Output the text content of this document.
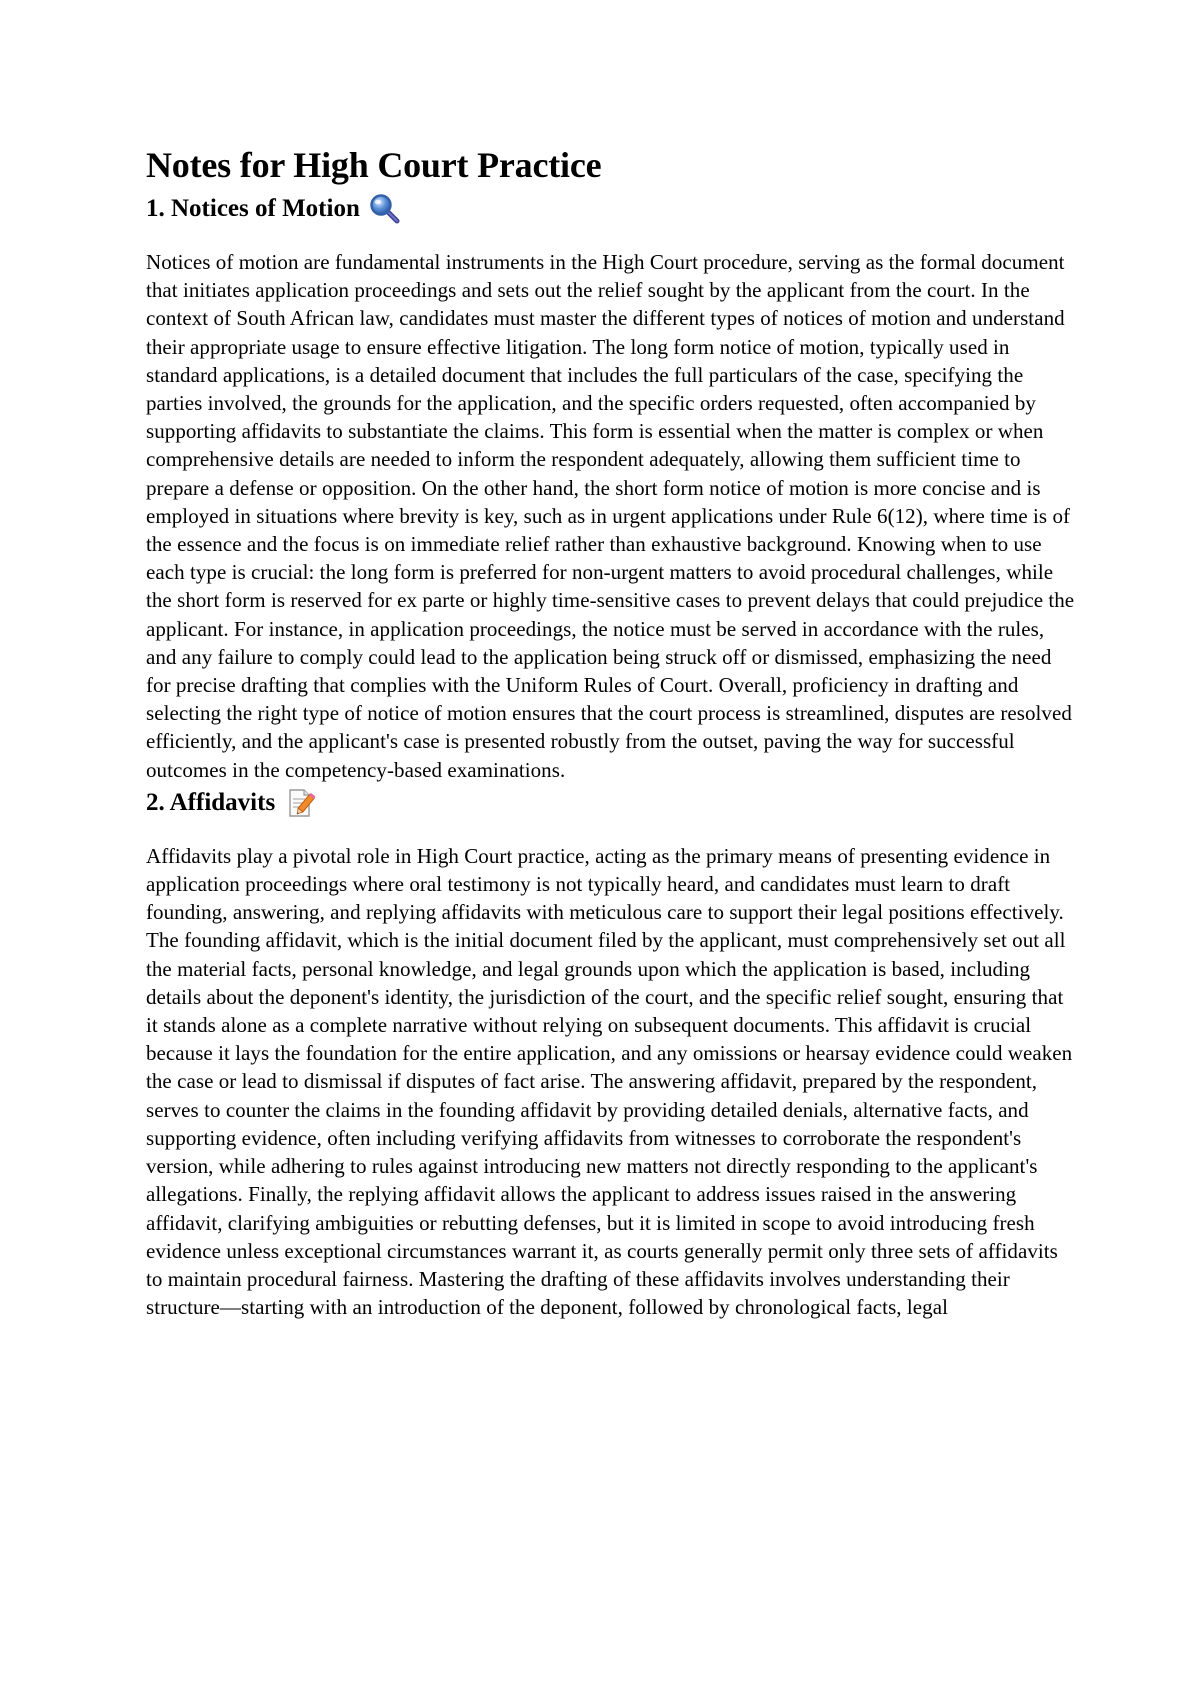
Notes for High Court Practice
1. Notices of Motion

Notices of motion are fundamental instruments in the High Court procedure, serving as the formal document that initiates application proceedings and sets out the relief sought by the applicant from the court. In the context of South African law, candidates must master the different types of notices of motion and understand their appropriate usage to ensure effective litigation. The long form notice of motion, typically used in standard applications, is a detailed document that includes the full particulars of the case, specifying the parties involved, the grounds for the application, and the specific orders requested, often accompanied by supporting affidavits to substantiate the claims. This form is essential when the matter is complex or when comprehensive details are needed to inform the respondent adequately, allowing them sufficient time to prepare a defense or opposition. On the other hand, the short form notice of motion is more concise and is employed in situations where brevity is key, such as in urgent applications under Rule 6(12), where time is of the essence and the focus is on immediate relief rather than exhaustive background. Knowing when to use each type is crucial: the long form is preferred for non-urgent matters to avoid procedural challenges, while the short form is reserved for ex parte or highly time-sensitive cases to prevent delays that could prejudice the applicant. For instance, in application proceedings, the notice must be served in accordance with the rules, and any failure to comply could lead to the application being struck off or dismissed, emphasizing the need for precise drafting that complies with the Uniform Rules of Court. Overall, proficiency in drafting and selecting the right type of notice of motion ensures that the court process is streamlined, disputes are resolved efficiently, and the applicant's case is presented robustly from the outset, paving the way for successful outcomes in the competency-based examinations.

2. Affidavits

Affidavits play a pivotal role in High Court practice, acting as the primary means of presenting evidence in application proceedings where oral testimony is not typically heard, and candidates must learn to draft founding, answering, and replying affidavits with meticulous care to support their legal positions effectively. The founding affidavit, which is the initial document filed by the applicant, must comprehensively set out all the material facts, personal knowledge, and legal grounds upon which the application is based, including details about the deponent's identity, the jurisdiction of the court, and the specific relief sought, ensuring that it stands alone as a complete narrative without relying on subsequent documents. This affidavit is crucial because it lays the foundation for the entire application, and any omissions or hearsay evidence could weaken the case or lead to dismissal if disputes of fact arise. The answering affidavit, prepared by the respondent, serves to counter the claims in the founding affidavit by providing detailed denials, alternative facts, and supporting evidence, often including verifying affidavits from witnesses to corroborate the respondent's version, while adhering to rules against introducing new matters not directly responding to the applicant's allegations. Finally, the replying affidavit allows the applicant to address issues raised in the answering affidavit, clarifying ambiguities or rebutting defenses, but it is limited in scope to avoid introducing fresh evidence unless exceptional circumstances warrant it, as courts generally permit only three sets of affidavits to maintain procedural fairness. Mastering the drafting of these affidavits involves understanding their structure—starting with an introduction of the deponent, followed by chronological facts, legal
